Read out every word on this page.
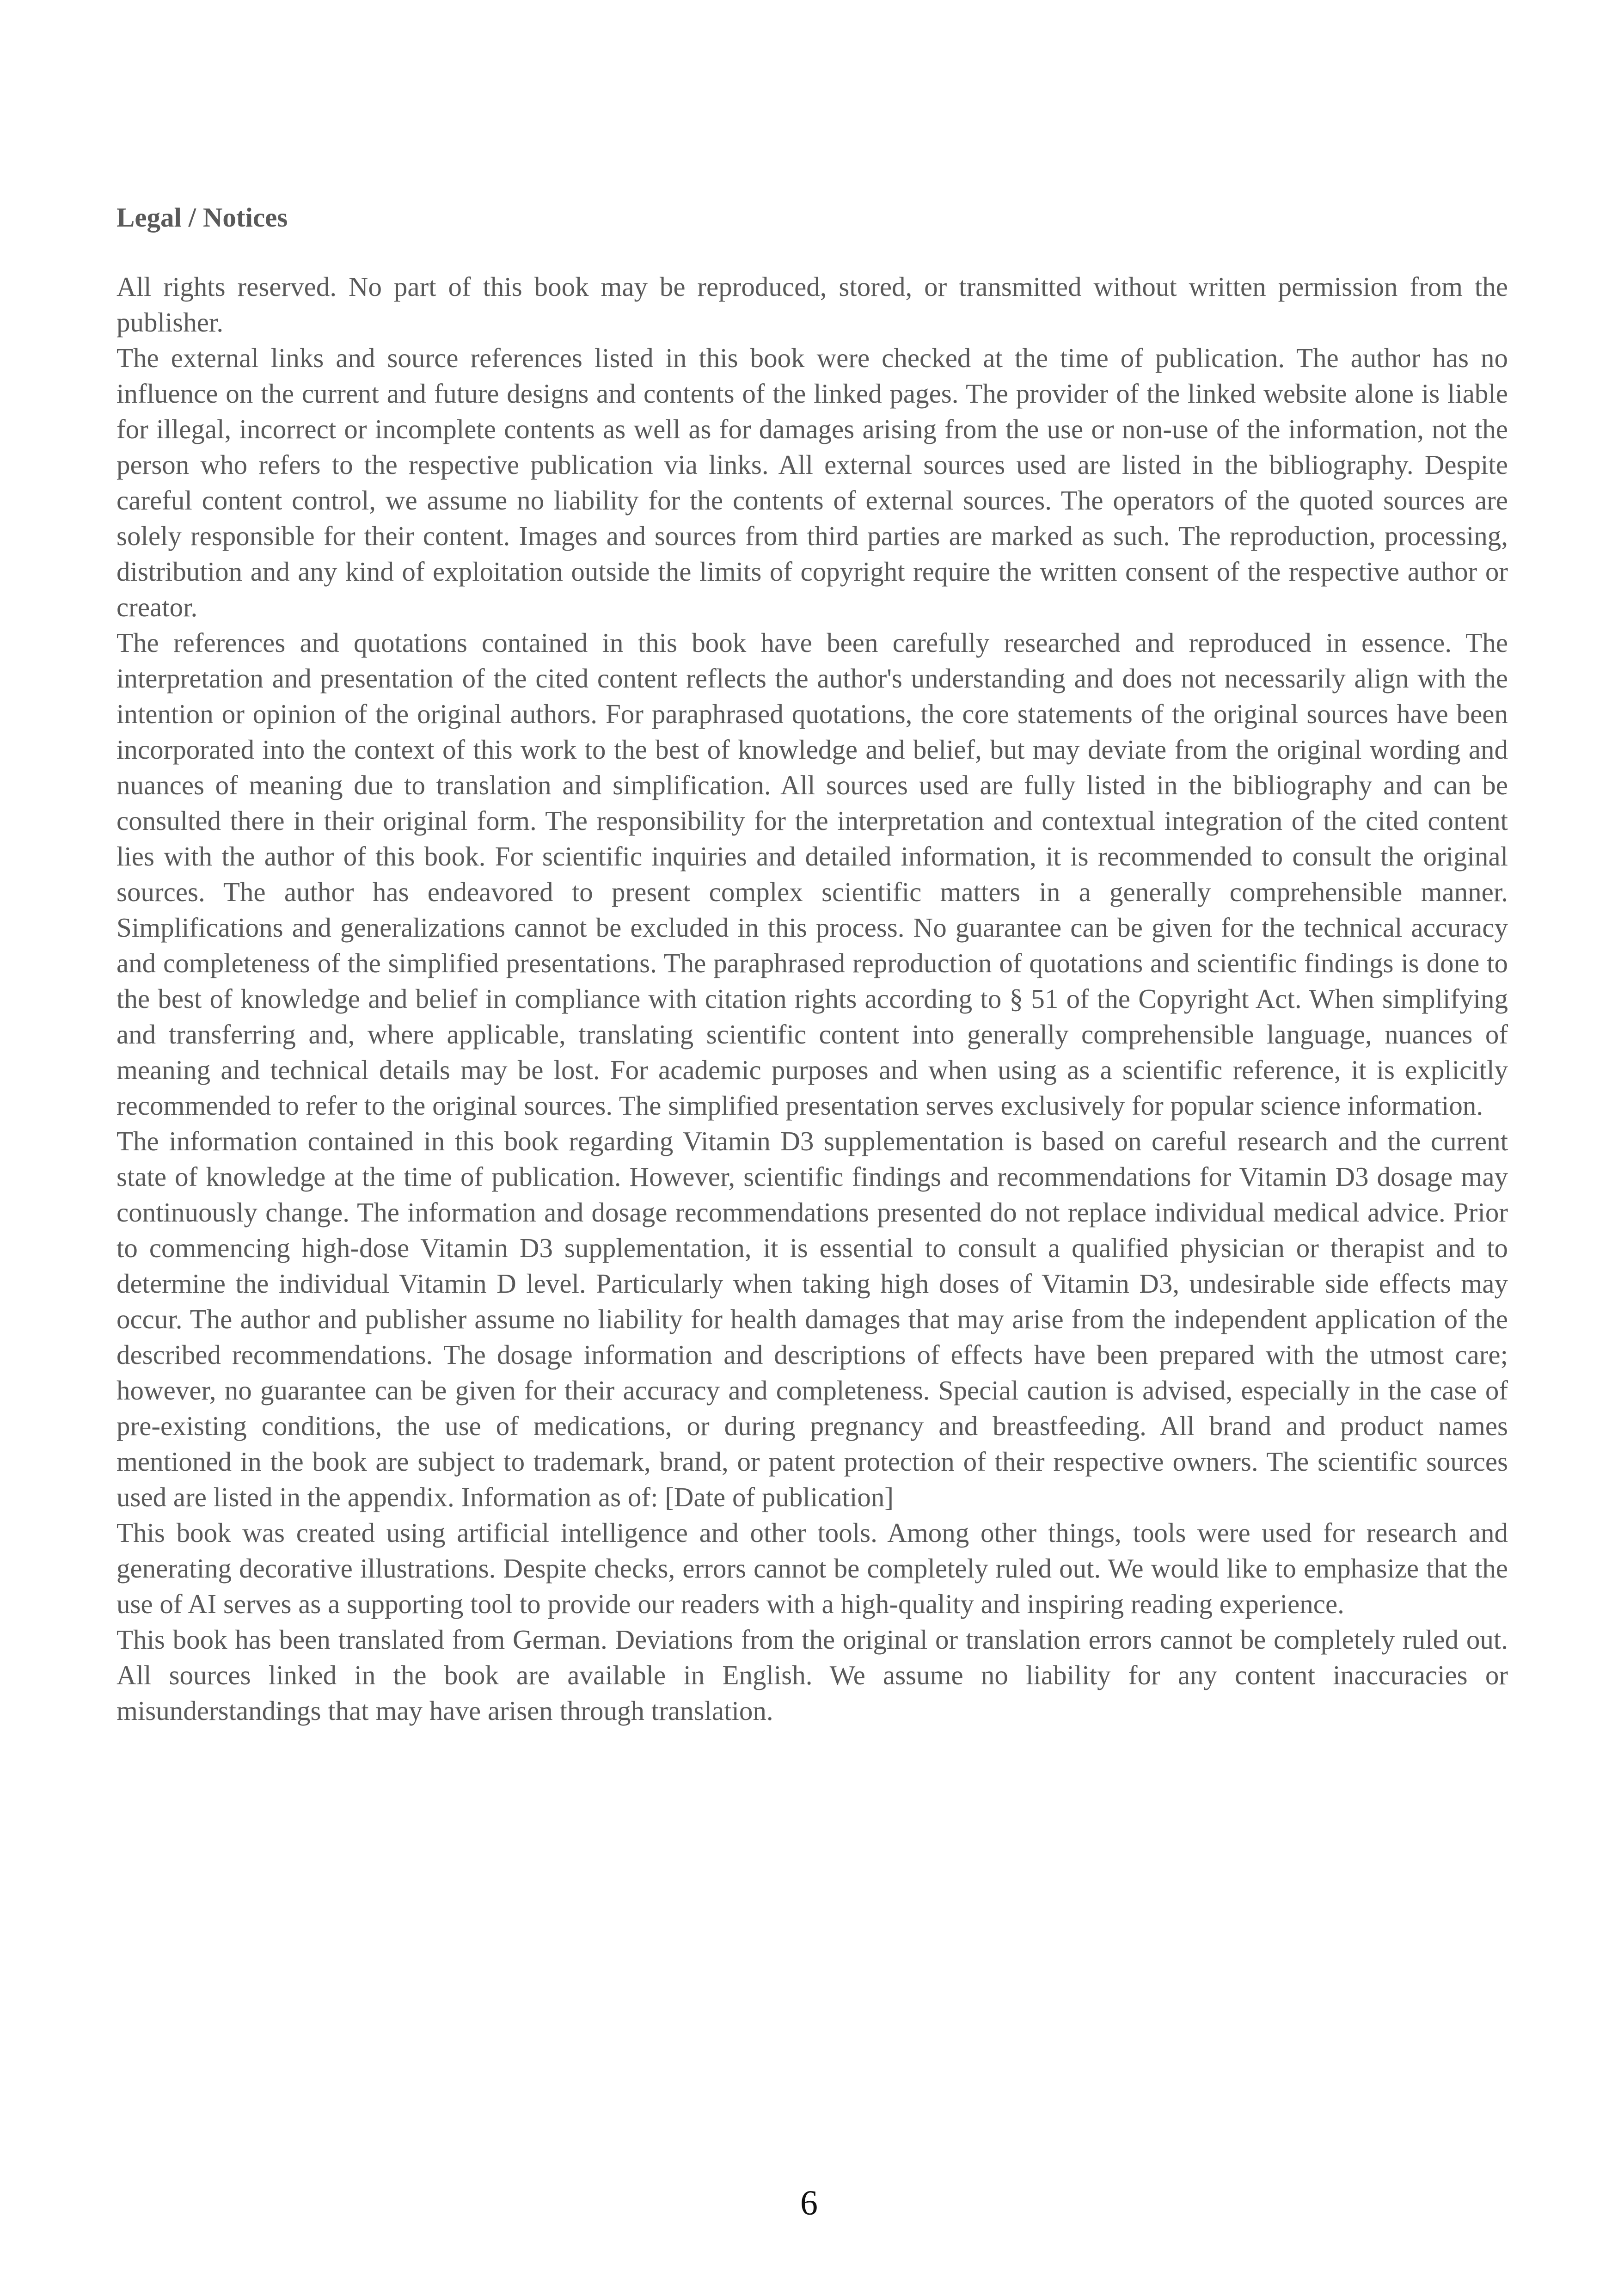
Legal / Notices

All rights reserved. No part of this book may be reproduced, stored, or transmitted without written permission from the publisher.

The external links and source references listed in this book were checked at the time of publication. The author has no influence on the current and future designs and contents of the linked pages. The provider of the linked website alone is liable for illegal, incorrect or incomplete contents as well as for damages arising from the use or non-use of the information, not the person who refers to the respective publication via links. All external sources used are listed in the bibliography. Despite careful content control, we assume no liability for the contents of external sources. The operators of the quoted sources are solely responsible for their content. Images and sources from third parties are marked as such. The reproduction, processing, distribution and any kind of exploitation outside the limits of copyright require the written consent of the respective author or creator.

The references and quotations contained in this book have been carefully researched and reproduced in essence. The interpretation and presentation of the cited content reflects the author's understanding and does not necessarily align with the intention or opinion of the original authors. For paraphrased quotations, the core statements of the original sources have been incorporated into the context of this work to the best of knowledge and belief, but may deviate from the original wording and nuances of meaning due to translation and simplification. All sources used are fully listed in the bibliography and can be consulted there in their original form. The responsibility for the interpretation and contextual integration of the cited content lies with the author of this book. For scientific inquiries and detailed information, it is recommended to consult the original sources. The author has endeavored to present complex scientific matters in a generally comprehensible manner. Simplifications and generalizations cannot be excluded in this process. No guarantee can be given for the technical accuracy and completeness of the simplified presentations. The paraphrased reproduction of quotations and scientific findings is done to the best of knowledge and belief in compliance with citation rights according to § 51 of the Copyright Act. When simplifying and transferring and, where applicable, translating scientific content into generally comprehensible language, nuances of meaning and technical details may be lost. For academic purposes and when using as a scientific reference, it is explicitly recommended to refer to the original sources. The simplified presentation serves exclusively for popular science information.

The information contained in this book regarding Vitamin D3 supplementation is based on careful research and the current state of knowledge at the time of publication. However, scientific findings and recommendations for Vitamin D3 dosage may continuously change. The information and dosage recommendations presented do not replace individual medical advice. Prior to commencing high-dose Vitamin D3 supplementation, it is essential to consult a qualified physician or therapist and to determine the individual Vitamin D level. Particularly when taking high doses of Vitamin D3, undesirable side effects may occur. The author and publisher assume no liability for health damages that may arise from the independent application of the described recommendations. The dosage information and descriptions of effects have been prepared with the utmost care; however, no guarantee can be given for their accuracy and completeness. Special caution is advised, especially in the case of pre-existing conditions, the use of medications, or during pregnancy and breastfeeding. All brand and product names mentioned in the book are subject to trademark, brand, or patent protection of their respective owners. The scientific sources used are listed in the appendix. Information as of: [Date of publication]

This book was created using artificial intelligence and other tools. Among other things, tools were used for research and generating decorative illustrations. Despite checks, errors cannot be completely ruled out. We would like to emphasize that the use of AI serves as a supporting tool to provide our readers with a high-quality and inspiring reading experience.

This book has been translated from German. Deviations from the original or translation errors cannot be completely ruled out. All sources linked in the book are available in English. We assume no liability for any content inaccuracies or misunderstandings that may have arisen through translation.

6
